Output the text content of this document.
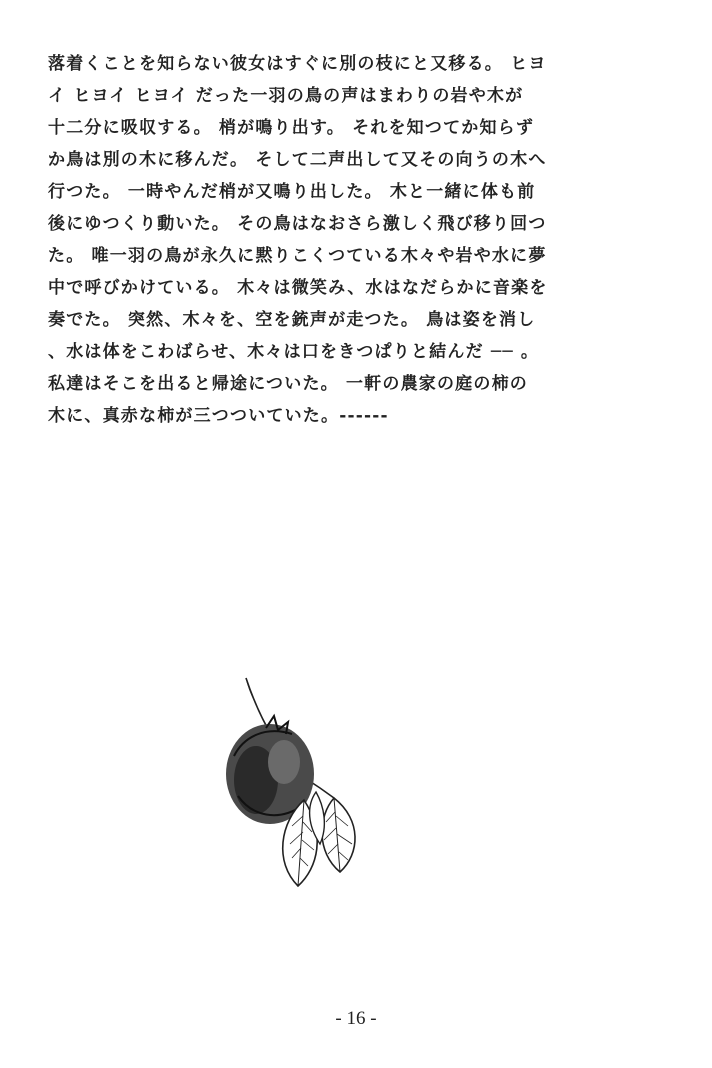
落着くことを知らない彼女はすぐに別の枝にと又移る。 ヒヨ
イ ヒヨイ ヒヨイ だった一羽の鳥の声はまわりの岩や木が
十二分に吸収する。 梢が鳴り出す。 それを知つてか知らず
か鳥は別の木に移んだ。 そして二声出して又その向うの木へ
行つた。 一時やんだ梢が又鳴り出した。 木と一緒に体も前
後にゆつくり動いた。 その鳥はなおさら激しく飛び移り回つ
た。 唯一羽の鳥が永久に黙りこくつている木々や岩や水に夢
中で呼びかけている。 木々は微笑み、水はなだらかに音楽を
奏でた。 突然、木々を、空を銃声が走つた。 鳥は姿を消し
、水は体をこわばらせ、木々は口をきつぱりと結んだ ── 。
私達はそこを出ると帰途についた。 一軒の農家の庭の柿の
木に、真赤な柿が三つついていた。------
- 16 -
